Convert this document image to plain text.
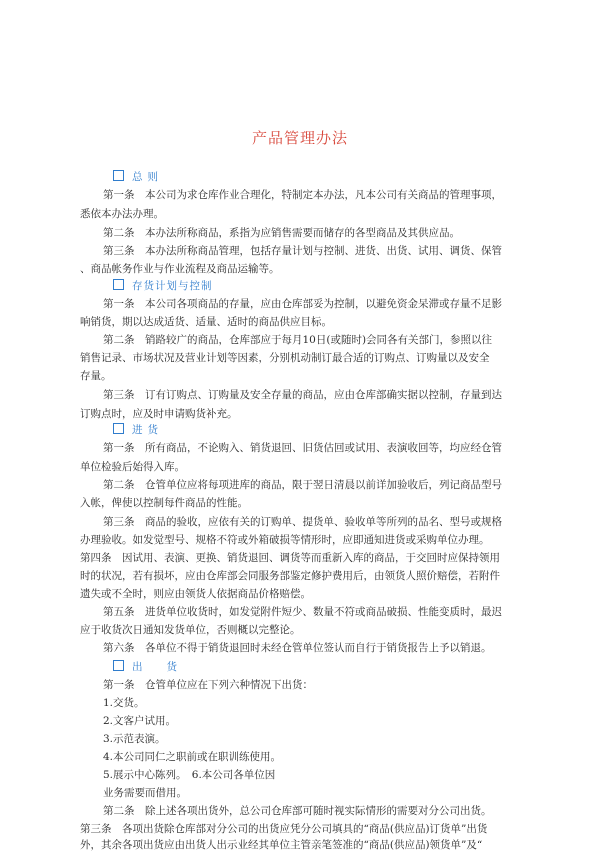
产品管理办法
总则
第一条　本公司为求仓库作业合理化，特制定本办法，凡本公司有关商品的管理事项，
悉依本办法办理。
第二条　本办法所称商品，系指为应销售需要而储存的各型商品及其供应品。
第三条　本办法所称商品管理，包括存量计划与控制、进货、出货、试用、调货、保管
、商品帐务作业与作业流程及商品运输等。
存货计划与控制
第一条　本公司各项商品的存量，应由仓库部妥为控制，以避免资金呆滞或存量不足影
响销货，期以达成适货、适量、适时的商品供应目标。
第二条　销路较广的商品，仓库部应于每月10日(或随时)会同各有关部门，参照以往
销售记录、市场状况及营业计划等因素，分别机动制订最合适的订购点、订购量以及安全
存量。
第三条　订有订购点、订购量及安全存量的商品，应由仓库部确实据以控制，存量到达
订购点时，应及时申请购货补充。
进货
第一条　所有商品，不论购入、销货退回、旧货估回或试用、表演收回等，均应经仓管
单位检验后始得入库。
第二条　仓管单位应将每项进库的商品，限于翌日清晨以前详加验收后，列记商品型号
入帐，俾使以控制每件商品的性能。
第三条　商品的验收，应依有关的订购单、提货单、验收单等所列的品名、型号或规格
办理验收。如发觉型号、规格不符或外箱破损等情形时，应即通知进货或采购单位办理。
第四条　因试用、表演、更换、销货退回、调货等而重新入库的商品，于交回时应保持领用
时的状况，若有损坏，应由仓库部会同服务部鉴定修护费用后，由领货人照价赔偿，若附件
遗失或不全时，则应由领货人依据商品价格赔偿。
第五条　进货单位收货时，如发觉附件短少、数量不符或商品破损、性能变质时，最迟
应于收货次日通知发货单位，否则概以完整论。
第六条　各单位不得于销货退回时未经仓管单位签认而自行于销货报告上予以销退。
出　　货
第一条　仓管单位应在下列六种情况下出货：
1.交货。
2.文客户试用。
3.示范表演。
4.本公司同仁之职前或在职训练使用。
5.展示中心陈列。　6.本公司各单位因
业务需要而借用。
第二条　除上述各项出货外，总公司仓库部可随时视实际情形的需要对分公司出货。
第三条　各项出货除仓库部对分公司的出货应凭分公司填具的“商品(供应品)订货单”出货
外，其余各项出货应由出货人出示业经其单位主管亲笔签准的“商品(供应品)领货单”及“
